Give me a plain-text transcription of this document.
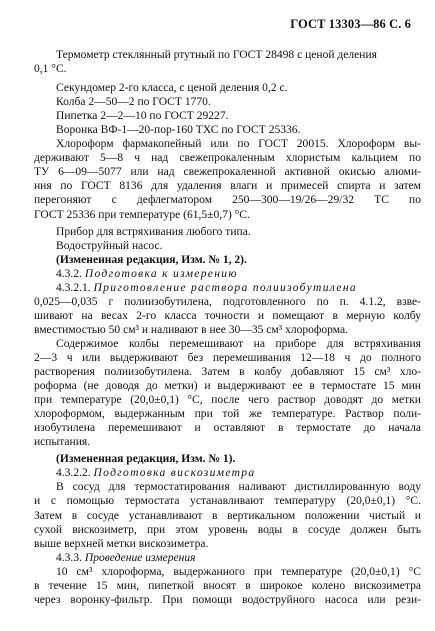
ГОСТ 13303—86 С. 6
Термометр стеклянный ртутный по ГОСТ 28498 с ценой деления
0,1 °С.
Секундомер 2-го класса, с ценой деления 0,2 с.
Колба 2—50—2 по ГОСТ 1770.
Пипетка 2—2—10 по ГОСТ 29227.
Воронка ВФ-1—20-пор-160 ТХС по ГОСТ 25336.
Хлороформ фармакопейный или по ГОСТ 20015. Хлороформ вы-
держивают 5—8 ч над свежепрокаленным хлористым кальцием по
ТУ 6—09—5077 или над свежепрокаленной активной окисью алюми-
ния по ГОСТ 8136 для удаления влаги и примесей спирта и затем
перегоняют с дефлегматором 250—300—19/26—29/32 ТС по
ГОСТ 25336 при температуре (61,5±0,7) °С.
Прибор для встряхивания любого типа.
Водоструйный насос.
(Измененная редакция, Изм. № 1, 2).
4.3.2. Подготовка к измерению
4.3.2.1. Приготовление раствора полиизобутилена
0,025—0,035 г полиизобутилена, подготовленного по п. 4.1.2, взве-
шивают на весах 2-го класса точности и помещают в мерную колбу
вместимостью 50 см³ и наливают в нее 30—35 см³ хлороформа.
Содержимое колбы перемешивают на приборе для встряхивания
2—3 ч или выдерживают без перемешивания 12—18 ч до полного
растворения полиизобутилена. Затем в колбу добавляют 15 см³ хло-
роформа (не доводя до метки) и выдерживают ее в термостате 15 мин
при температуре (20,0±0,1) °С, после чего раствор доводят до метки
хлороформом, выдержанным при той же температуре. Раствор поли-
изобутилена перемешивают и оставляют в термостате до начала
испытания.
(Измененная редакция, Изм. № 1).
4.3.2.2. Подготовка вискозиметра
В сосуд для термостатирования наливают дистиллированную воду
и с помощью термостата устанавливают температуру (20,0±0,1) °С.
Затем в сосуде устанавливают в вертикальном положении чистый и
сухой вискозиметр, при этом уровень воды в сосуде должен быть
выше верхней метки вискозиметра.
4.3.3. Проведение измерения
10 см³ хлороформа, выдержанного при температуре (20,0±0,1) °С
в течение 15 мин, пипеткой вносят в широкое колено вискозиметра
через воронку-фильтр. При помощи водоструйного насоса или рези-
